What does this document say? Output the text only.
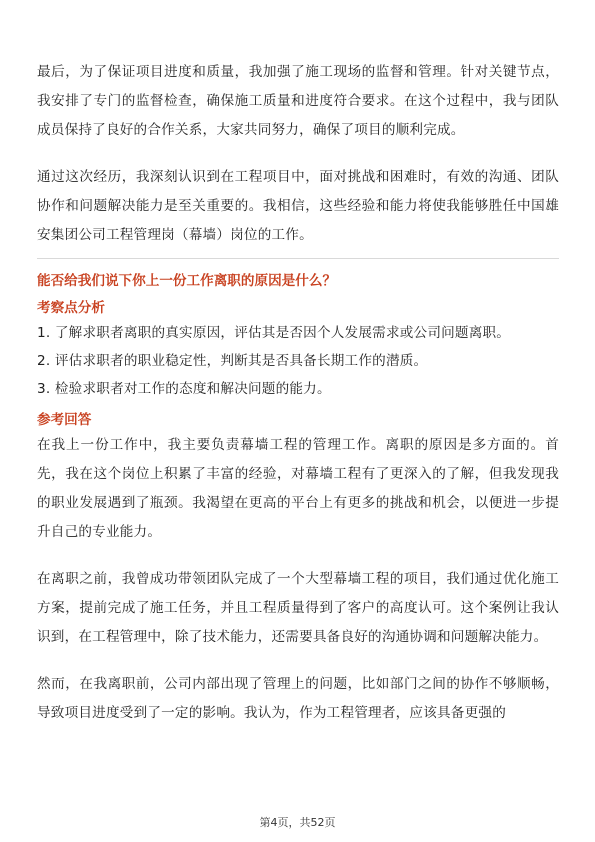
最后，为了保证项目进度和质量，我加强了施工现场的监督和管理。针对关键节点，我安排了专门的监督检查，确保施工质量和进度符合要求。在这个过程中，我与团队成员保持了良好的合作关系，大家共同努力，确保了项目的顺利完成。

通过这次经历，我深刻认识到在工程项目中，面对挑战和困难时，有效的沟通、团队协作和问题解决能力是至关重要的。我相信，这些经验和能力将使我能够胜任中国雄安集团公司工程管理岗（幕墙）岗位的工作。

能否给我们说下你上一份工作离职的原因是什么？
考察点分析
1. 了解求职者离职的真实原因，评估其是否因个人发展需求或公司问题离职。
2. 评估求职者的职业稳定性，判断其是否具备长期工作的潜质。
3. 检验求职者对工作的态度和解决问题的能力。
参考回答

在我上一份工作中，我主要负责幕墙工程的管理工作。离职的原因是多方面的。首先，我在这个岗位上积累了丰富的经验，对幕墙工程有了更深入的了解，但我发现我的职业发展遇到了瓶颈。我渴望在更高的平台上有更多的挑战和机会，以便进一步提升自己的专业能力。

在离职之前，我曾成功带领团队完成了一个大型幕墙工程的项目，我们通过优化施工方案，提前完成了施工任务，并且工程质量得到了客户的高度认可。这个案例让我认识到，在工程管理中，除了技术能力，还需要具备良好的沟通协调和问题解决能力。

然而，在我离职前，公司内部出现了管理上的问题，比如部门之间的协作不够顺畅，导致项目进度受到了一定的影响。我认为，作为工程管理者，应该具备更强的

第4页，共52页
